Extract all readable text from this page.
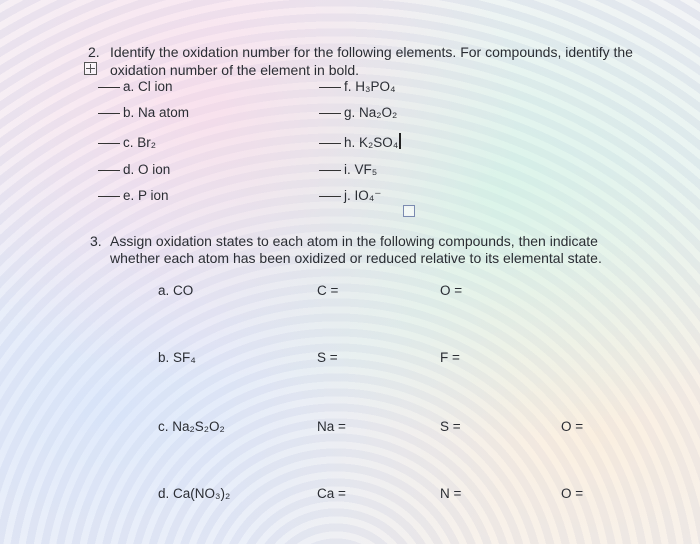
2. Identify the oxidation number for the following elements. For compounds, identify the
oxidation number of the element in bold.
a. Cl ion
b. Na atom
c. Br₂
d. O ion
e. P ion
f. H₃PO₄
g. Na₂O₂
h. K₂SO₄
i. VF₅
j. IO₄⁻
3. Assign oxidation states to each atom in the following compounds, then indicate
whether each atom has been oxidized or reduced relative to its elemental state.
a. CO	C =	O =
b. SF₄	S =	F =
c. Na₂S₂O₂	Na =	S =	O =
d. Ca(NO₃)₂	Ca =	N =	O =
